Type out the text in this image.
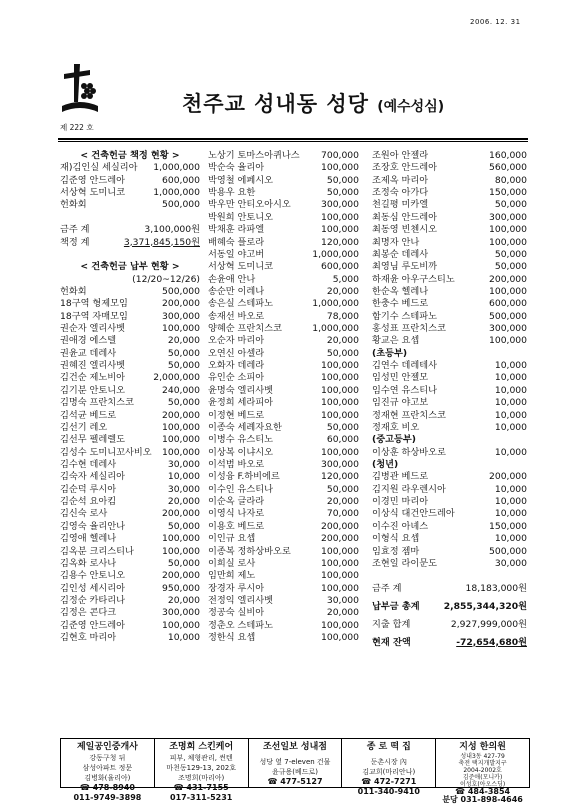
2006. 12. 31
제 222 호
천주교 성내동 성당 (예수성심)
< 건축헌금 책정 현황 >
재)김인실 세실리아 1,000,000
김준영 안드레아	600,000
서상혁 도미니코	1,000,000
헌화회	500,000
금주 계	3,100,000원
책정 계	3,371,845,150원
< 건축헌금 납부 현황 >
(12/20~12/26)
헌화회	500,000
18구역 형제모임	200,000
18구역 자매모임	300,000
권순자 엘리사벳	100,000
권애경 에스텔	20,000
권윤교 데레사	50,000
권혜진 엘리사벳	50,000
김건순 제노비아	2,000,000
김기분 안토니오	240,000
김명숙 프란치스코	50,000
김석균 베드로	200,000
김선기 레오	100,000
김선무 펠레렐도	100,000
김성수 도미니꼬사비오 100,000
김수현 데레사	30,000
김숙자 세실리아	10,000
김순덕 루시아	30,000
김순석 요아킴	20,000
김신숙 로사	200,000
김영숙 율리안나	50,000
김영애 헬레나	100,000
김옥분 크리스티나	100,000
김옥화 로사나	50,000
김용수 안토니오	200,000
김인성 세시리아	950,000
김정순 카타리나	20,000
김정은 콘다크	300,000
김준영 안드레아	100,000
김현호 마리아	10,000
노상기 토마스아퀴나스 700,000
박순숙 율리아	100,000
박영철 에페시오	50,000
박용우 요한	50,000
박우만 안티오아시오	300,000
박원희 안토니오	100,000
박채훈 라파엘	100,000
배혜숙 플로라	120,000
서동일 야고버	1,000,000
서상혁 도미니코	600,000
손윤애 안나	5,000
송순만 이레나	20,000
송은실 스테파노	1,000,000
송재선 바오로	78,000
양혜순 프란치스코	1,000,000
오순자 마리아	20,000
오연신 아셀라	50,000
오화자 데레라	100,000
유인순 소피아	100,000
윤명숙 엘리사벳	100,000
윤정희 세라피아	100,000
이정현 베드로	100,000
이종숙 세례자요한	50,000
이병수 유스티노	60,000
이상복 이냐시오	100,000
이석범 바오로	300,000
이성융 F.하비에르	120,000
이수인 유스티나	50,000
이순옥 글라라	20,000
이영식 나자로	70,000
이용호 베드로	200,000
이인규 요셉	200,000
이종복 정하상바오로	100,000
이희실 로사	100,000
임만희 제노	100,000
장경자 루시아	100,000
전정익 엘리사벳	30,000
정공숙 실비아	20,000
정춘오 스테파노	100,000
정한식 요셉	100,000
조원아 안젤라	160,000
조장호 안드레아	560,000
조제옥 마리아	80,000
조정숙 아가다	150,000
천길평 미카엘	50,000
최동심 안드레아	300,000
최동영 빈첸시오	100,000
최명자 안나	100,000
최봉순 데레사	50,000
최영님 루도비까	50,000
하재윤 아우구스티노	200,000
한순옥 헬레나	100,000
한충수 베드로	600,000
함기수 스테파노	500,000
홍성표 프란치스코	300,000
황교은 요셉	100,000
(초등부)
김연수 데레테사	10,000
임성민 안젤모	10,000
임수연 유스티나	10,000
임진규 야고보	10,000
정재현 프란치스코	10,000
정재호 비오	10,000
(중고등부)
이상훈 하상바오로	10,000
(청년)
김병관 베드로	200,000
김지원 라우렌시아	10,000
이경민 마리아	10,000
이상식 대건안드레아	10,000
이수진 아녜스	150,000
이형식 요셉	10,000
임효정 젬마	500,000
조현일 라이문도	30,000
금주 계	18,183,000원
납부금 총계	2,855,344,320원
지출 합계	2,927,999,000원
현재 잔액	-72,654,680원
제일공인중개사
강동구청 뒤
삼성아파트 정문
김병화(율리아)
☎ 478-8940
011-9749-3898
조명희 스킨케어
피부, 체형관리, 썬텐
마천동129-13, 202호
조명희(마리아)
☎ 431-7155
017-311-5231
조선일보 성내점
성당 옆 7-eleven 건물
윤규용(베드로)
☎ 477-5127
종 로 떡 집
둔촌시장 內
김교희(마리안나)
☎ 472-7271
011-340-9410
지성 한의원
성내3동 427-79
축전 택지개발지구
2004-2002호
김준애(모니카)
이성호(아오스딩)
☎ 484-3854
분당 031-898-4646
